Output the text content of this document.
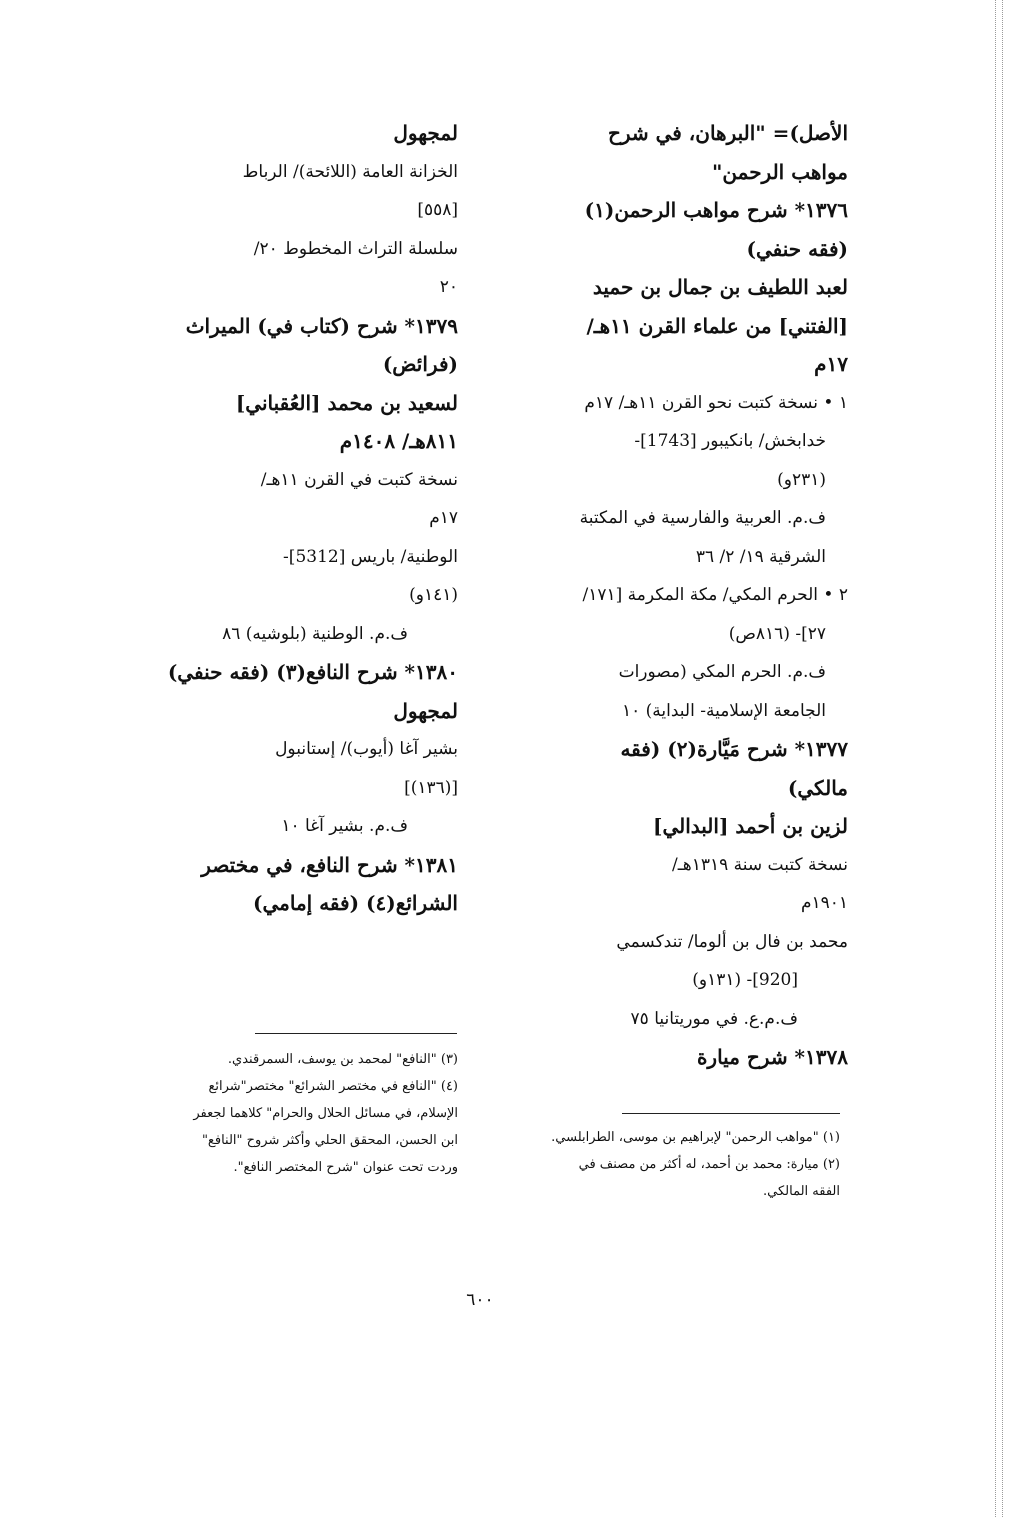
الأصل)= "البرهان، في شرح
مواهب الرحمن"
١٣٧٦* شرح مواهب الرحمن(١)
(فقه حنفي)
لعبد اللطيف بن جمال بن حميد
[الفتني] من علماء القرن ١١هـ/
١٧م
١ • نسخة كتبت نحو القرن ١١هـ/ ١٧م
خدابخش/ بانكيبور [1743]-
(٢٣١و)
ف.م. العربية والفارسية في المكتبة
الشرقية ١٩/ ٢/ ٣٦
٢ • الحرم المكي/ مكة المكرمة [١٧١/
٢٧]- (٨١٦ص)
ف.م. الحرم المكي (مصورات
الجامعة الإسلامية- البداية) ١٠
١٣٧٧* شرح مَيَّارة(٢) (فقه
مالكي)
لزين بن أحمد [البدالي]
نسخة كتبت سنة ١٣١٩هـ/
١٩٠١م
محمد بن فال بن ألوما/ تندكسمي
[920]- (١٣١و)
ف.م.ع. في موريتانيا ٧٥
١٣٧٨* شرح ميارة
لمجهول
الخزانة العامة (اللائحة)/ الرباط
[٥٥٨]
سلسلة التراث المخطوط ٢٠/
٢٠
١٣٧٩* شرح (كتاب في) الميراث
(فرائض)
لسعيد بن محمد [العُقباني]
٨١١هـ/ ١٤٠٨م
نسخة كتبت في القرن ١١هـ/
١٧م
الوطنية/ باريس [5312]-
(١٤١و)
ف.م. الوطنية (بلوشيه) ٨٦
١٣٨٠* شرح النافع(٣) (فقه حنفي)
لمجهول
بشير آغا (أيوب)/ إستانبول
[(١٣٦)]
ف.م. بشير آغا ١٠
١٣٨١* شرح النافع، في مختصر
الشرائع(٤) (فقه إمامي)
(٣) "النافع" لمحمد بن يوسف، السمرقندي.
(٤) "النافع في مختصر الشرائع" مختصر"شرائع
الإسلام، في مسائل الحلال والحرام" كلاهما لجعفر
ابن الحسن، المحقق الحلي وأكثر شروح "النافع"
وردت تحت عنوان "شرح المختصر النافع".
(١) "مواهب الرحمن" لإبراهيم بن موسى، الطرابلسي.
(٢) ميارة: محمد بن أحمد، له أكثر من مصنف في
الفقه المالكي.
٦٠٠
